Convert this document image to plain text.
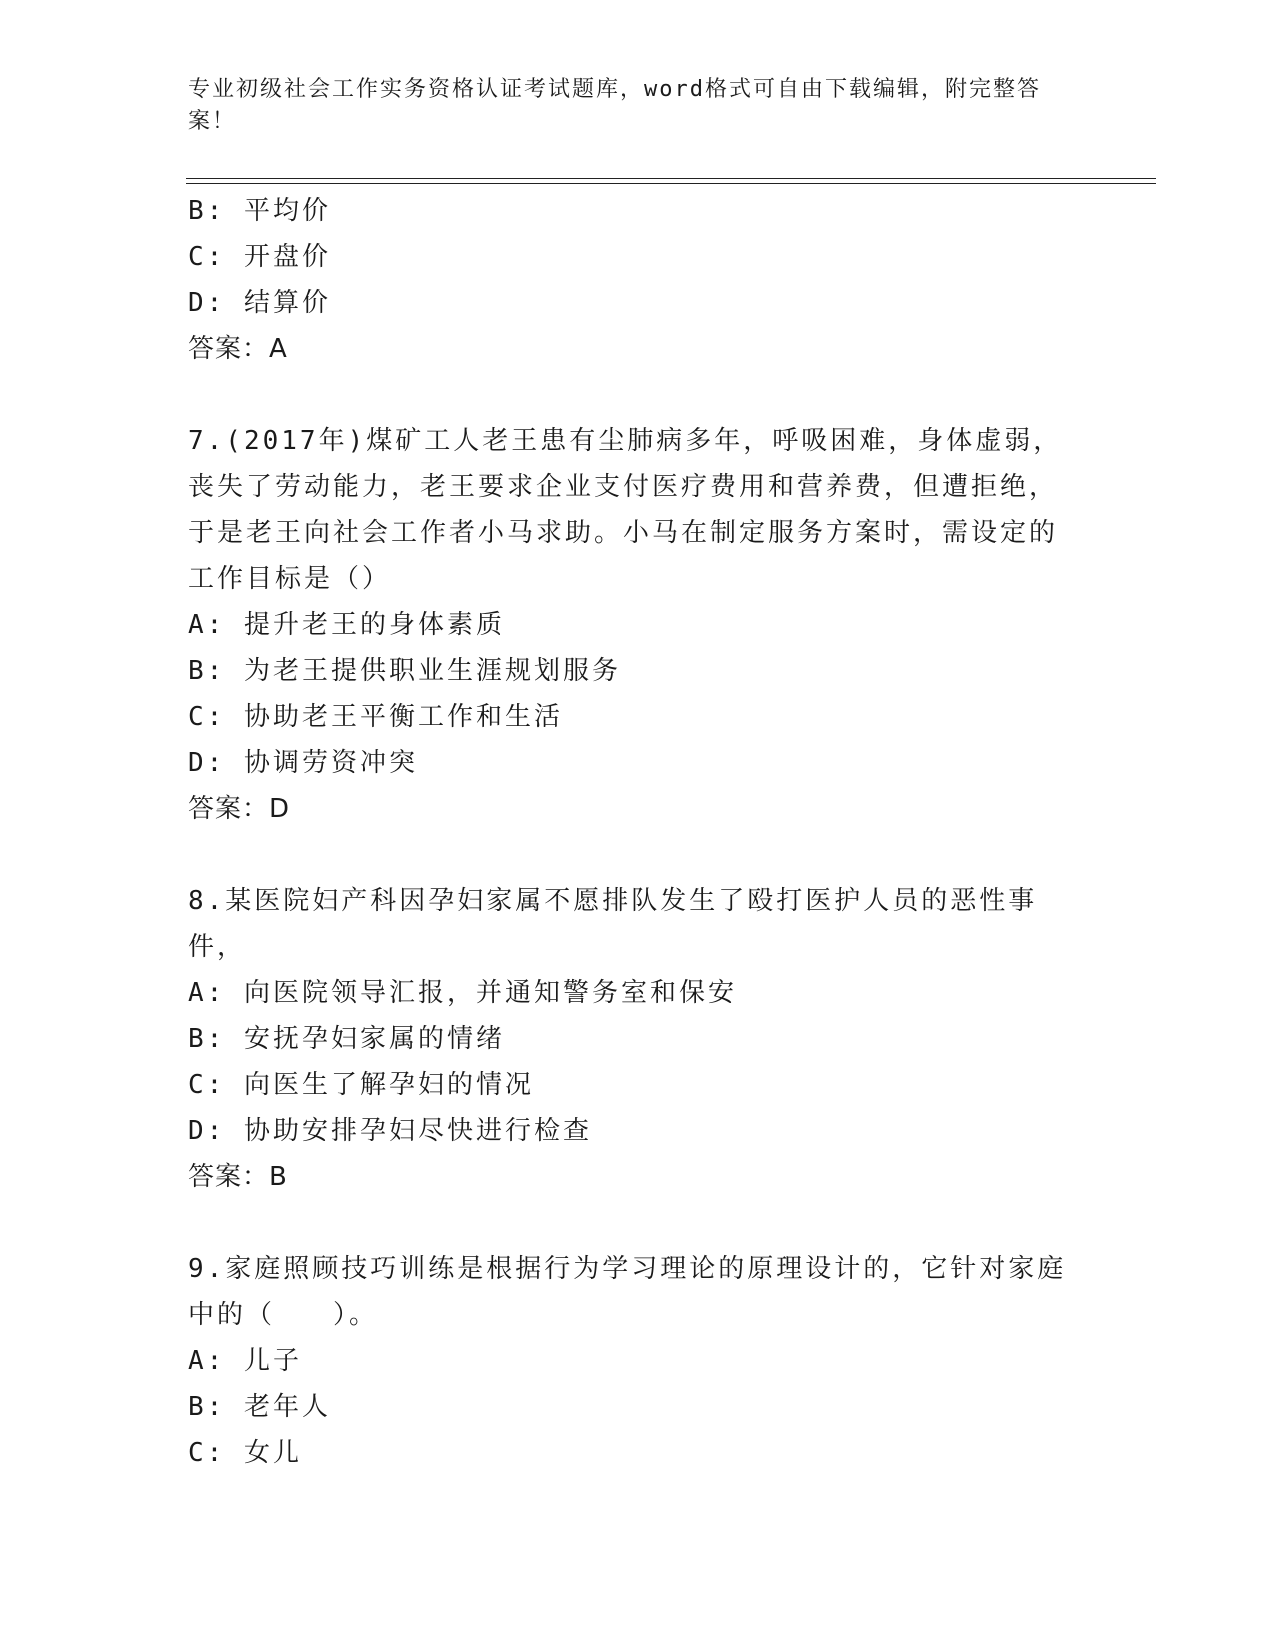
专业初级社会工作实务资格认证考试题库，word格式可自由下载编辑，附完整答案！
B: 平均价
C: 开盘价
D: 结算价
答案：A
7.(2017年)煤矿工人老王患有尘肺病多年，呼吸困难，身体虚弱，丧失了劳动能力，老王要求企业支付医疗费用和营养费，但遭拒绝，于是老王向社会工作者小马求助。小马在制定服务方案时，需设定的工作目标是（）
A: 提升老王的身体素质
B: 为老王提供职业生涯规划服务
C: 协助老王平衡工作和生活
D: 协调劳资冲突
答案：D
8.某医院妇产科因孕妇家属不愿排队发生了殴打医护人员的恶性事件，
A: 向医院领导汇报，并通知警务室和保安
B: 安抚孕妇家属的情绪
C: 向医生了解孕妇的情况
D: 协助安排孕妇尽快进行检查
答案：B
9.家庭照顾技巧训练是根据行为学习理论的原理设计的，它针对家庭中的（　　）。
A: 儿子
B: 老年人
C: 女儿
